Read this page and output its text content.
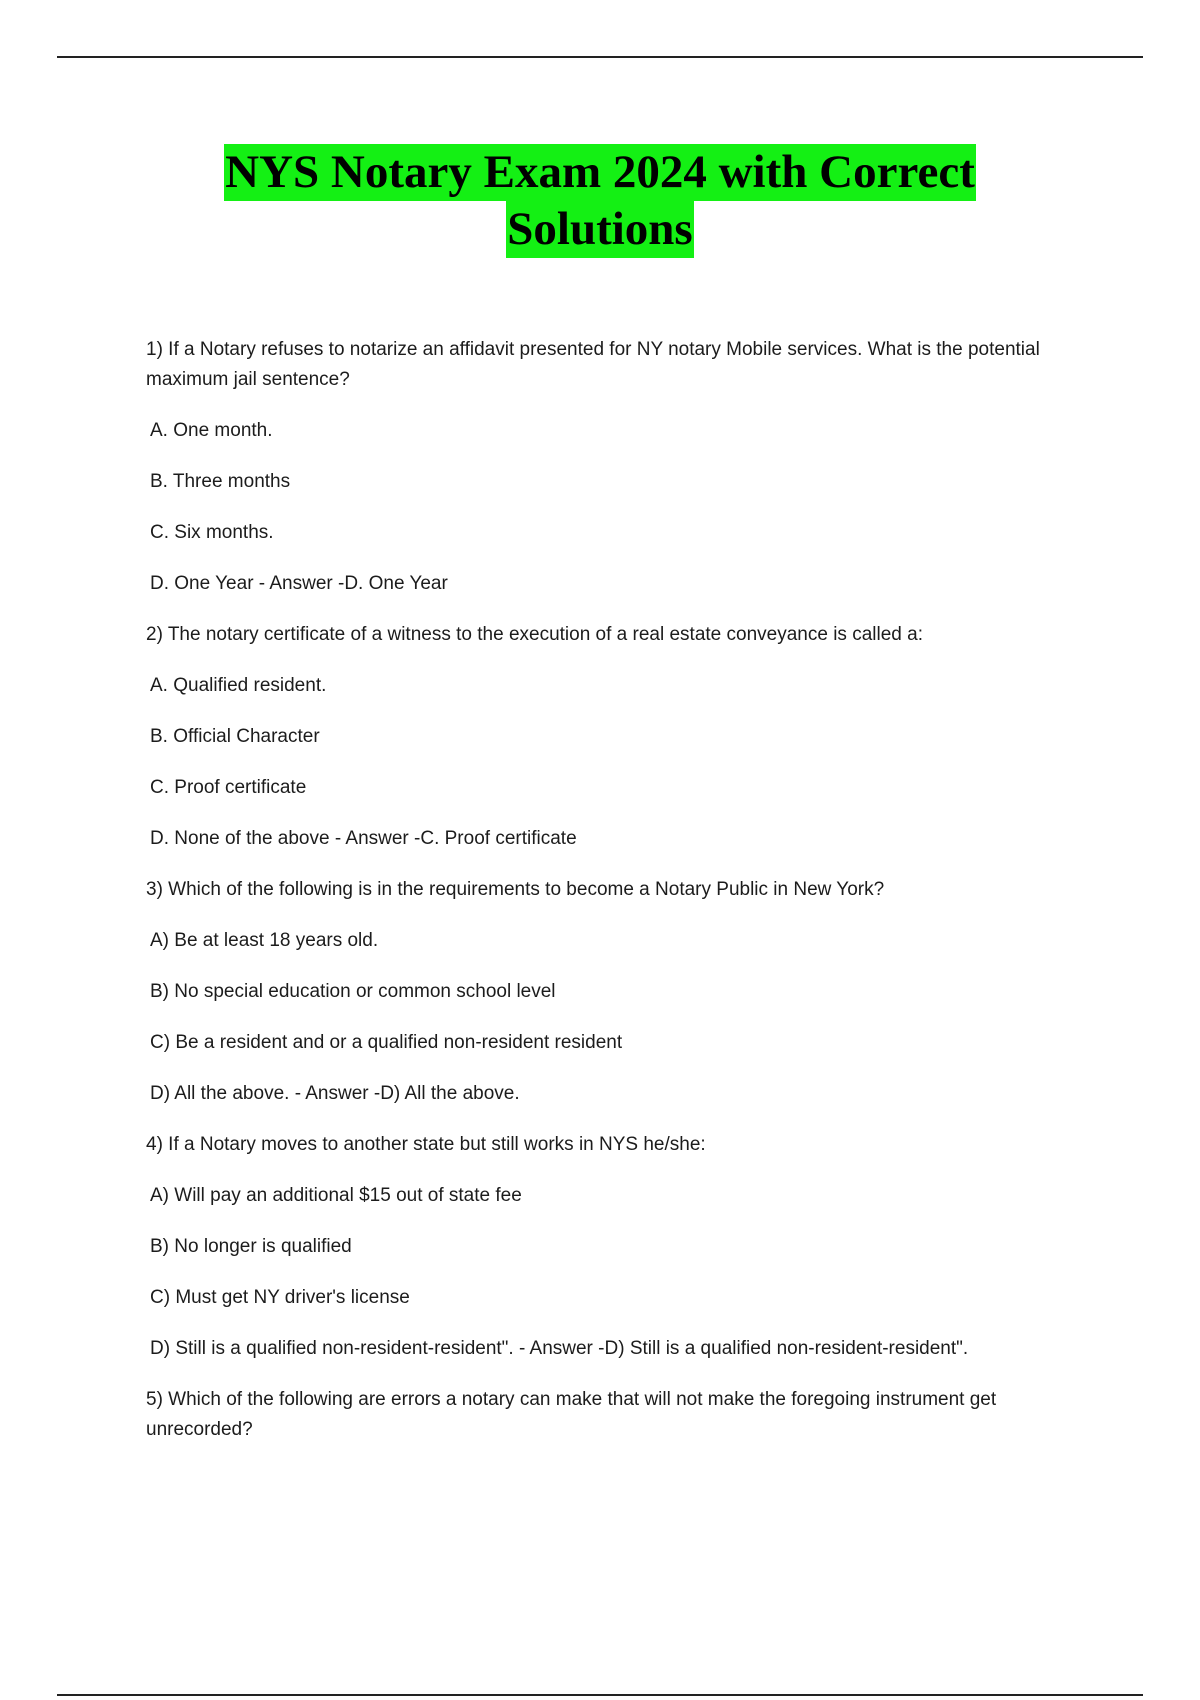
NYS Notary Exam 2024 with Correct
Solutions
1) If a Notary refuses to notarize an affidavit presented for NY notary Mobile services. What is the potential maximum jail sentence?
A. One month.
B. Three months
C. Six months.
D. One Year - Answer -D. One Year
2) The notary certificate of a witness to the execution of a real estate conveyance is called a:
A. Qualified resident.
B. Official Character
C. Proof certificate
D. None of the above - Answer -C. Proof certificate
3) Which of the following is in the requirements to become a Notary Public in New York?
A) Be at least 18 years old.
B) No special education or common school level
C) Be a resident and or a qualified non-resident resident
D) All the above. - Answer -D) All the above.
4) If a Notary moves to another state but still works in NYS he/she:
A) Will pay an additional $15 out of state fee
B) No longer is qualified
C) Must get NY driver's license
D) Still is a qualified non-resident-resident". - Answer -D) Still is a qualified non-resident-resident".
5) Which of the following are errors a notary can make that will not make the foregoing instrument get unrecorded?
